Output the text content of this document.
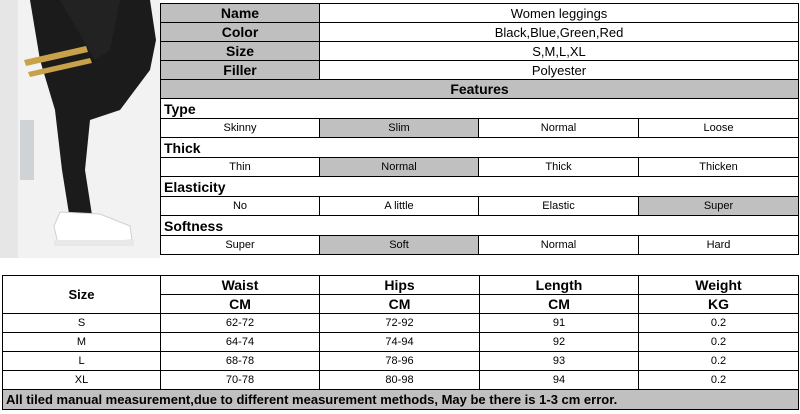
Name	Women leggings		
Color	Black,Blue,Green,Red		
Size	S,M,L,XL		
Filler	Polyester		
Features			
Type			
Skinny	Slim	Normal	Loose
Thick			
Thin	Normal	Thick	Thicken
Elasticity			
No	A little	Elastic	Super
Softness			
Super	Soft	Normal	Hard
Size	Waist	Hips	Length	Weight
	CM	CM	CM	KG
S	62-72	72-92	91	0.2
M	64-74	74-94	92	0.2
L	68-78	78-96	93	0.2
XL	70-78	80-98	94	0.2
All tiled manual measurement,due to different measurement methods, May be there is 1-3 cm error.				
